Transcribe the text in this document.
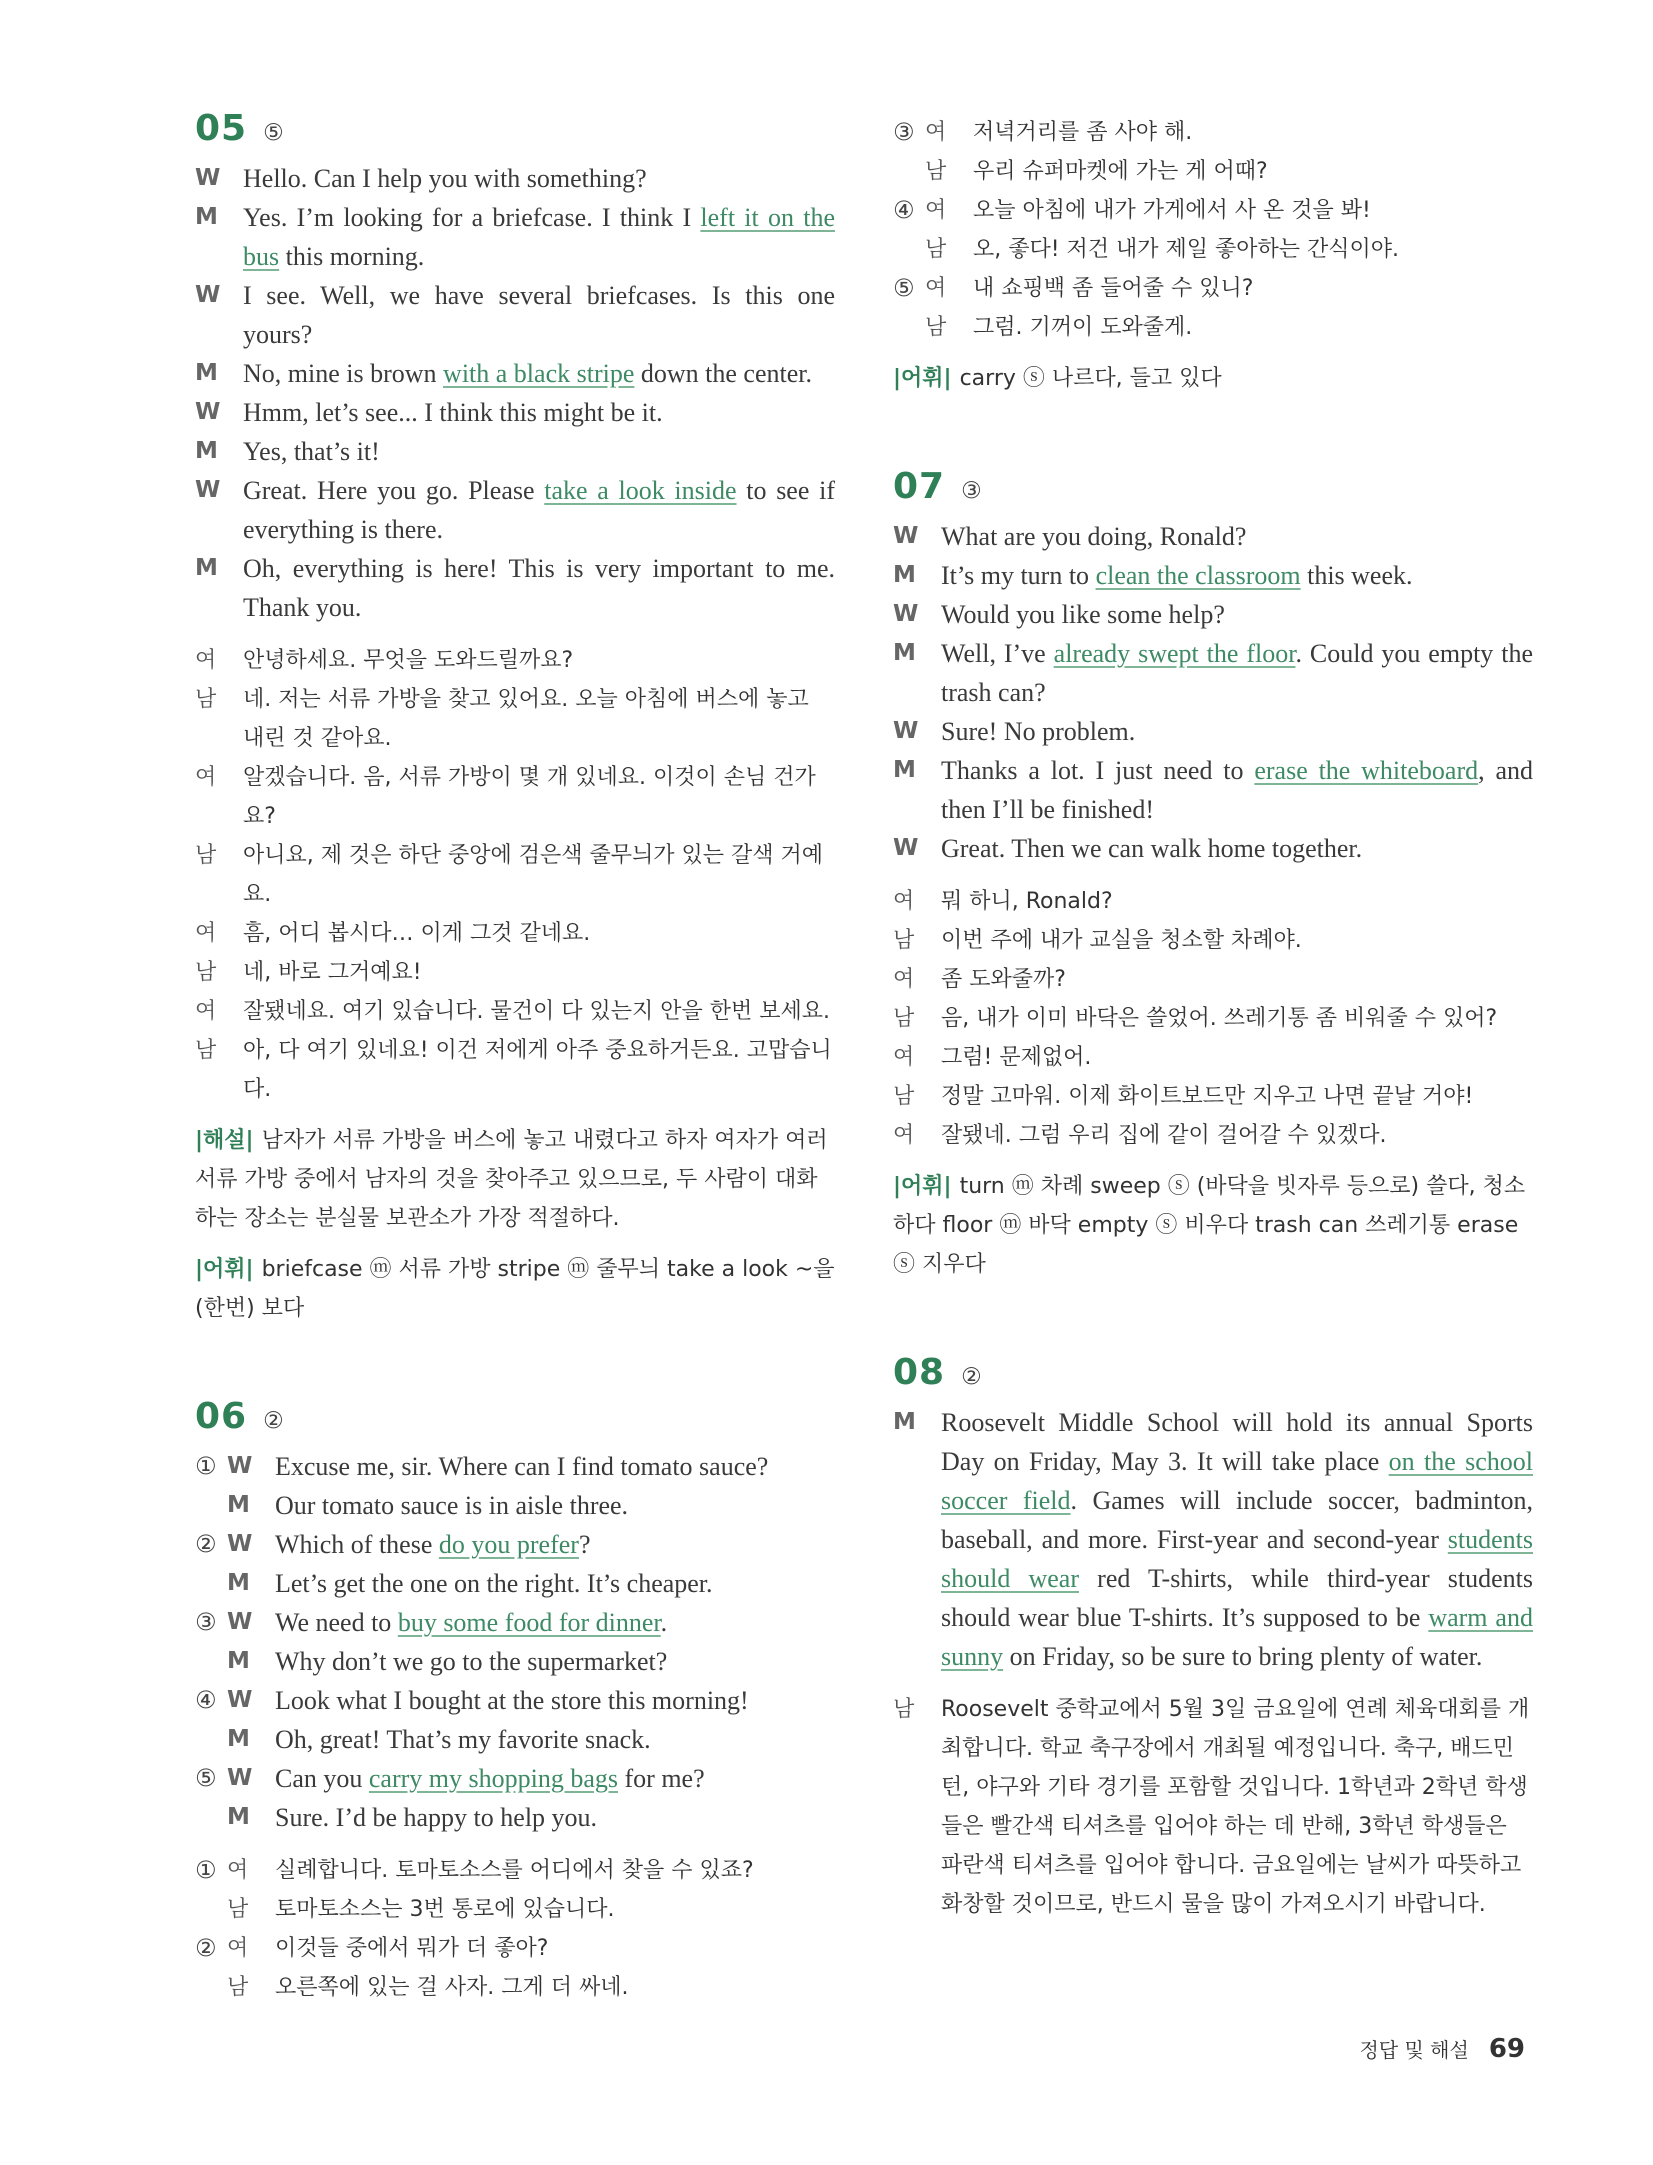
05 ⑤
W Hello. Can I help you with something?
M Yes. I’m looking for a briefcase. I think I left it on the bus this morning.
W I see. Well, we have several briefcases. Is this one yours?
M No, mine is brown with a black stripe down the center.
W Hmm, let’s see... I think this might be it.
M Yes, that’s it!
W Great. Here you go. Please take a look inside to see if everything is there.
M Oh, everything is here! This is very important to me. Thank you.
여	안녕하세요. 무엇을 도와드릴까요?
남	네. 저는 서류 가방을 찾고 있어요. 오늘 아침에 버스에 놓고 내린 것 같아요.
여	알겠습니다. 음, 서류 가방이 몇 개 있네요. 이것이 손님 건가요?
남	아니요, 제 것은 하단 중앙에 검은색 줄무늬가 있는 갈색 거예요.
여	흠, 어디 봅시다… 이게 그것 같네요.
남	네, 바로 그거예요!
여	잘됐네요. 여기 있습니다. 물건이 다 있는지 안을 한번 보세요.
남	아, 다 여기 있네요! 이건 저에게 아주 중요하거든요. 고맙습니다.
|해설| 남자가 서류 가방을 버스에 놓고 내렸다고 하자 여자가 여러 서류 가방 중에서 남자의 것을 찾아주고 있으므로, 두 사람이 대화하는 장소는 분실물 보관소가 가장 적절하다.
|어휘| briefcase ⓜ 서류 가방 stripe ⓜ 줄무늬 take a look ~을 (한번) 보다
06 ②
① W Excuse me, sir. Where can I find tomato sauce?
M Our tomato sauce is in aisle three.
② W Which of these do you prefer?
M Let’s get the one on the right. It’s cheaper.
③ W We need to buy some food for dinner.
M Why don’t we go to the supermarket?
④ W Look what I bought at the store this morning!
M Oh, great! That’s my favorite snack.
⑤ W Can you carry my shopping bags for me?
M Sure. I’d be happy to help you.
① 여	실례합니다. 토마토소스를 어디에서 찾을 수 있죠?
남	토마토소스는 3번 통로에 있습니다.
② 여	이것들 중에서 뭐가 더 좋아?
남	오른쪽에 있는 걸 사자. 그게 더 싸네.
③ 여	저녁거리를 좀 사야 해.
남	우리 슈퍼마켓에 가는 게 어때?
④ 여	오늘 아침에 내가 가게에서 사 온 것을 봐!
남	오, 좋다! 저건 내가 제일 좋아하는 간식이야.
⑤ 여	내 쇼핑백 좀 들어줄 수 있니?
남	그럼. 기꺼이 도와줄게.
|어휘| carry ⓢ 나르다, 들고 있다
07 ③
W What are you doing, Ronald?
M It’s my turn to clean the classroom this week.
W Would you like some help?
M Well, I’ve already swept the floor. Could you empty the trash can?
W Sure! No problem.
M Thanks a lot. I just need to erase the whiteboard, and then I’ll be finished!
W Great. Then we can walk home together.
여	뭐 하니, Ronald?
남	이번 주에 내가 교실을 청소할 차례야.
여	좀 도와줄까?
남	음, 내가 이미 바닥은 쓸었어. 쓰레기통 좀 비워줄 수 있어?
여	그럼! 문제없어.
남	정말 고마워. 이제 화이트보드만 지우고 나면 끝날 거야!
여	잘됐네. 그럼 우리 집에 같이 걸어갈 수 있겠다.
|어휘| turn ⓜ 차례 sweep ⓢ (바닥을 빗자루 등으로) 쓸다, 청소하다 floor ⓜ 바닥 empty ⓢ 비우다 trash can 쓰레기통 erase ⓢ 지우다
08 ②
M Roosevelt Middle School will hold its annual Sports Day on Friday, May 3. It will take place on the school soccer field. Games will include soccer, badminton, baseball, and more. First-year and second-year students should wear red T-shirts, while third-year students should wear blue T-shirts. It’s supposed to be warm and sunny on Friday, so be sure to bring plenty of water.
남	Roosevelt 중학교에서 5월 3일 금요일에 연례 체육대회를 개최합니다. 학교 축구장에서 개최될 예정입니다. 축구, 배드민턴, 야구와 기타 경기를 포함할 것입니다. 1학년과 2학년 학생들은 빨간색 티셔츠를 입어야 하는 데 반해, 3학년 학생들은 파란색 티셔츠를 입어야 합니다. 금요일에는 날씨가 따뜻하고 화창할 것이므로, 반드시 물을 많이 가져오시기 바랍니다.
정답 및 해설 69
